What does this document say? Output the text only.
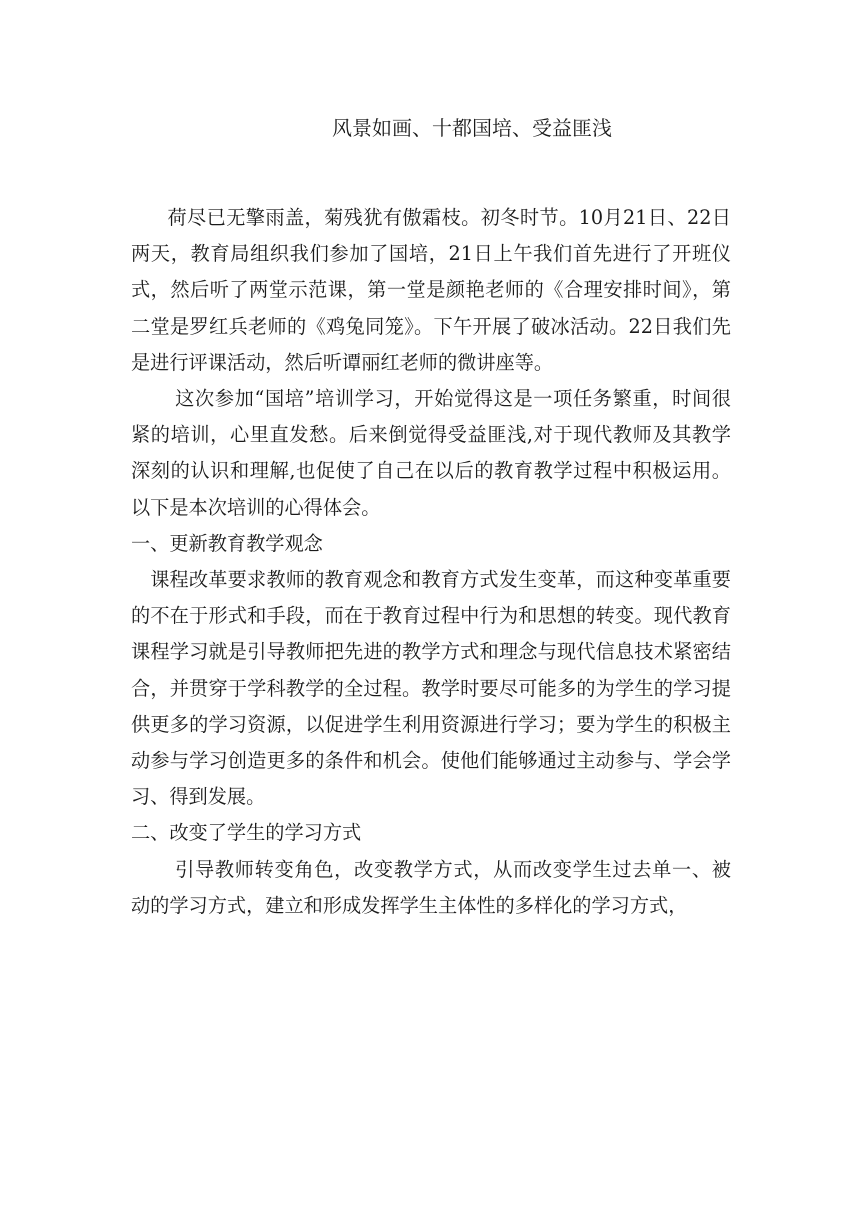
风景如画、十都国培、受益匪浅

荷尽已无擎雨盖，菊残犹有傲霜枝。初冬时节。10月21日、22日两天，教育局组织我们参加了国培，21日上午我们首先进行了开班仪式，然后听了两堂示范课，第一堂是颜艳老师的《合理安排时间》，第二堂是罗红兵老师的《鸡兔同笼》。下午开展了破冰活动。22日我们先是进行评课活动，然后听谭丽红老师的微讲座等。

这次参加“国培”培训学习，开始觉得这是一项任务繁重，时间很紧的培训，心里直发愁。后来倒觉得受益匪浅,对于现代教师及其教学深刻的认识和理解,也促使了自己在以后的教育教学过程中积极运用。以下是本次培训的心得体会。

一、更新教育教学观念

课程改革要求教师的教育观念和教育方式发生变革，而这种变革重要的不在于形式和手段，而在于教育过程中行为和思想的转变。现代教育课程学习就是引导教师把先进的教学方式和理念与现代信息技术紧密结合，并贯穿于学科教学的全过程。教学时要尽可能多的为学生的学习提供更多的学习资源，以促进学生利用资源进行学习；要为学生的积极主动参与学习创造更多的条件和机会。使他们能够通过主动参与、学会学习、得到发展。

二、改变了学生的学习方式

引导教师转变角色，改变教学方式，从而改变学生过去单一、被动的学习方式，建立和形成发挥学生主体性的多样化的学习方式，
